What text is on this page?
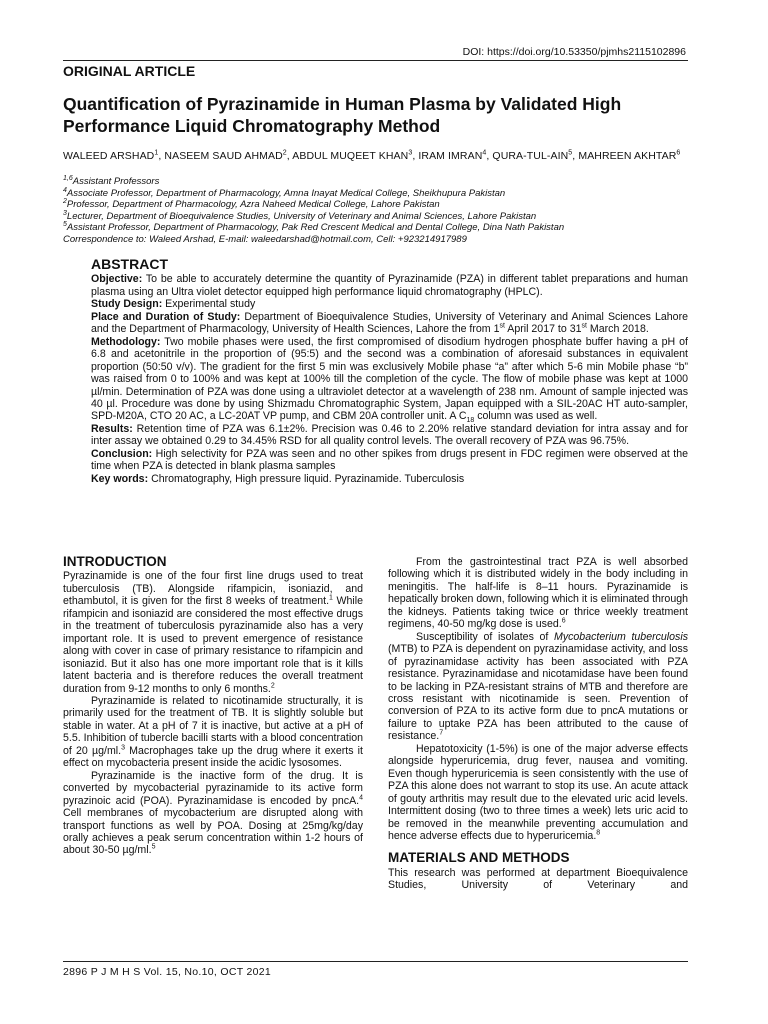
DOI: https://doi.org/10.53350/pjmhs2115102896
ORIGINAL ARTICLE
Quantification of Pyrazinamide in Human Plasma by Validated High Performance Liquid Chromatography Method
WALEED ARSHAD$^1$, NASEEM SAUD AHMAD$^2$, ABDUL MUQEET KHAN$^3$, IRAM IMRAN$^4$, QURA-TUL-AIN$^5$, MAHREEN AKHTAR$^6$
$^{1,6}$Assistant Professors
$^4$Associate Professor, Department of Pharmacology, Amna Inayat Medical College, Sheikhupura Pakistan
$^2$Professor, Department of Pharmacology, Azra Naheed Medical College, Lahore Pakistan
$^3$Lecturer, Department of Bioequivalence Studies, University of Veterinary and Animal Sciences, Lahore Pakistan
$^5$Assistant Professor, Department of Pharmacology, Pak Red Crescent Medical and Dental College, Dina Nath Pakistan
Correspondence to: Waleed Arshad, E-mail: waleedarshad@hotmail.com, Cell: +923214917989
ABSTRACT

Objective: To be able to accurately determine the quantity of Pyrazinamide (PZA) in different tablet preparations and human plasma using an Ultra violet detector equipped high performance liquid chromatography (HPLC).

Study Design: Experimental study

Place and Duration of Study: Department of Bioequivalence Studies, University of Veterinary and Animal Sciences Lahore and the Department of Pharmacology, University of Health Sciences, Lahore the from 1st April 2017 to 31st March 2018.

Methodology: Two mobile phases were used, the first compromised of disodium hydrogen phosphate buffer having a pH of 6.8 and acetonitrile in the proportion of (95:5) and the second was a combination of aforesaid substances in equivalent proportion (50:50 v/v). The gradient for the first 5 min was exclusively Mobile phase “a” after which 5-6 min Mobile phase “b” was raised from 0 to 100% and was kept at 100% till the completion of the cycle. The flow of mobile phase was kept at 1000 µl/min. Determination of PZA was done using a ultraviolet detector at a wavelength of 238 nm. Amount of sample injected was 40 µl. Procedure was done by using Shizmadu Chromatographic System, Japan equipped with a SIL-20AC HT auto-sampler, SPD-M20A, CTO 20 AC, a LC-20AT VP pump, and CBM 20A controller unit. A $C_{18}$ column was used as well.

Results: Retention time of PZA was 6.1±2%. Precision was 0.46 to 2.20% relative standard deviation for intra assay and for inter assay we obtained 0.29 to 34.45% RSD for all quality control levels. The overall recovery of PZA was 96.75%.

Conclusion: High selectivity for PZA was seen and no other spikes from drugs present in FDC regimen were observed at the time when PZA is detected in blank plasma samples

Key words: Chromatography, High pressure liquid. Pyrazinamide. Tuberculosis

INTRODUCTION

Pyrazinamide is one of the four first line drugs used to treat tuberculosis (TB). Alongside rifampicin, isoniazid, and ethambutol, it is given for the first 8 weeks of treatment.$^1$ While rifampicin and isoniazid are considered the most effective drugs in the treatment of tuberculosis pyrazinamide also has a very important role. It is used to prevent emergence of resistance along with cover in case of primary resistance to rifampicin and isoniazid. But it also has one more important role that is it kills latent bacteria and is therefore reduces the overall treatment duration from 9-12 months to only 6 months.$^2$

Pyrazinamide is related to nicotinamide structurally, it is primarily used for the treatment of TB. It is slightly soluble but stable in water. At a pH of 7 it is inactive, but active at a pH of 5.5. Inhibition of tubercle bacilli starts with a blood concentration of 20 µg/ml.$^3$ Macrophages take up the drug where it exerts it effect on mycobacteria present inside the acidic lysosomes.

Pyrazinamide is the inactive form of the drug. It is converted by mycobacterial pyrazinamide to its active form pyrazinoic acid (POA). Pyrazinamidase is encoded by pncA.$^4$ Cell membranes of mycobacterium are disrupted along with transport functions as well by POA. Dosing at 25mg/kg/day orally achieves a peak serum concentration within 1-2 hours of about 30-50 µg/ml.$^5$

From the gastrointestinal tract PZA is well absorbed following which it is distributed widely in the body including in meningitis. The half-life is 8–11 hours. Pyrazinamide is hepatically broken down, following which it is eliminated through the kidneys. Patients taking twice or thrice weekly treatment regimens, 40-50 mg/kg dose is used.$^6$

Susceptibility of isolates of Mycobacterium tuberculosis (MTB) to PZA is dependent on pyrazinamidase activity, and loss of pyrazinamidase activity has been associated with PZA resistance. Pyrazinamidase and nicotamidase have been found to be lacking in PZA-resistant strains of MTB and therefore are cross resistant with nicotinamide is seen. Prevention of conversion of PZA to its active form due to pncA mutations or failure to uptake PZA has been attributed to the cause of resistance.$^7$

Hepatotoxicity (1-5%) is one of the major adverse effects alongside hyperuricemia, drug fever, nausea and vomiting. Even though hyperuricemia is seen consistently with the use of PZA this alone does not warrant to stop its use. An acute attack of gouty arthritis may result due to the elevated uric acid levels. Intermittent dosing (two to three times a week) lets uric acid to be removed in the meanwhile preventing accumulation and hence adverse effects due to hyperuricemia.$^8$

MATERIALS AND METHODS

This research was performed at department Bioequivalence Studies, University of Veterinary and

2896 P J M H S Vol. 15, No.10, OCT 2021
